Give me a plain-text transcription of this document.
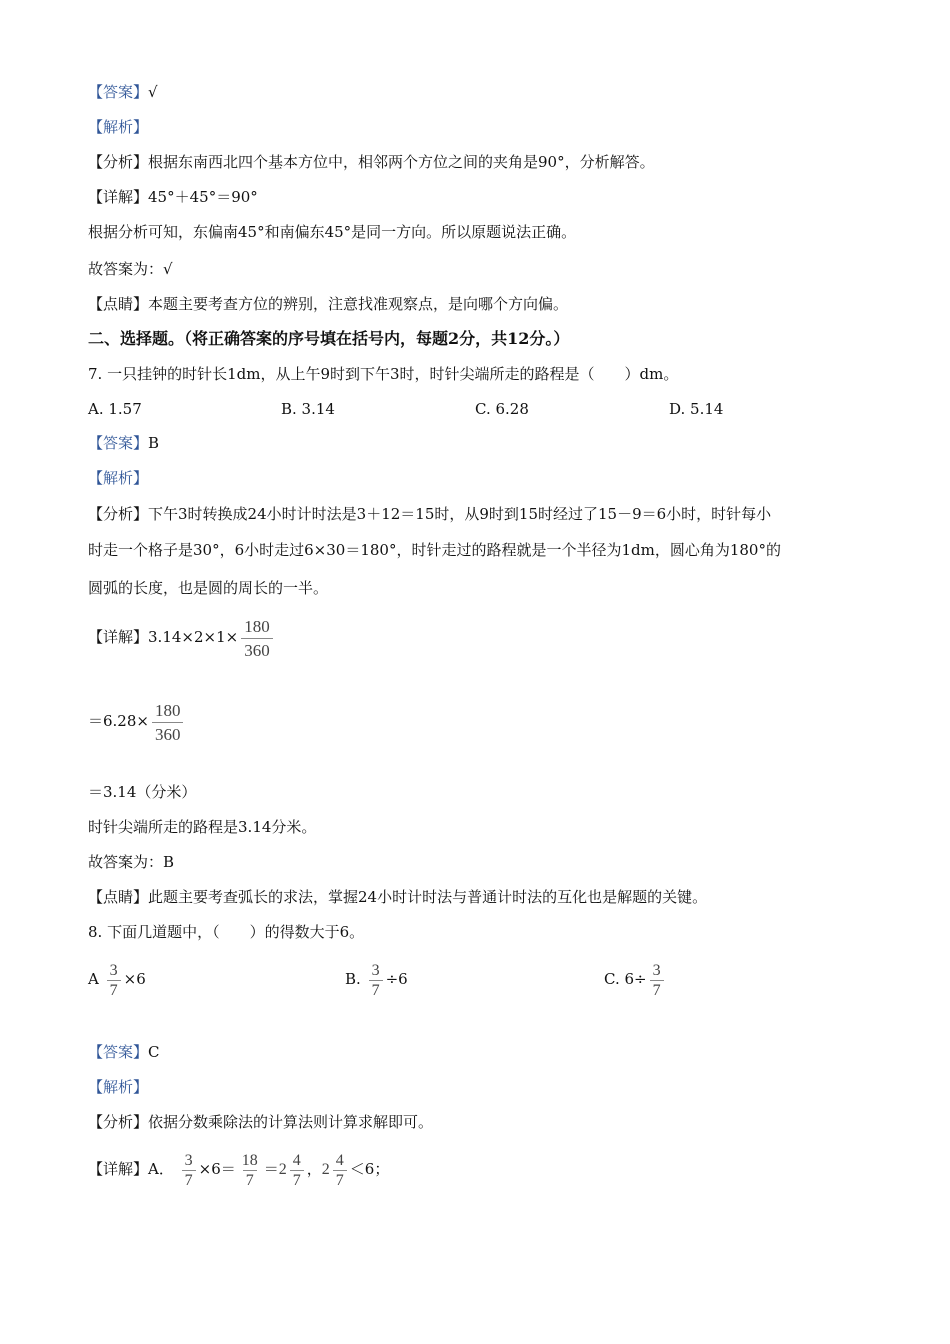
【答案】√
【解析】
【分析】根据东南西北四个基本方位中，相邻两个方位之间的夹角是90°，分析解答。
【详解】45°＋45°＝90°
根据分析可知，东偏南45°和南偏东45°是同一方向。所以原题说法正确。
故答案为：√
【点睛】本题主要考查方位的辨别，注意找准观察点，是向哪个方向偏。
二、选择题。（将正确答案的序号填在括号内，每题2分，共12分。）
7. 一只挂钟的时针长1dm，从上午9时到下午3时，时针尖端所走的路程是（　　）dm。
A. 1.57	B. 3.14	C. 6.28	D. 5.14
【答案】B
【解析】
【分析】下午3时转换成24小时计时法是3＋12＝15时，从9时到15时经过了15－9＝6小时，时针每小
时走一个格子是30°，6小时走过6×30＝180°，时针走过的路程就是一个半径为1dm，圆心角为180°的
圆弧的长度，也是圆的周长的一半。
【详解】$3.14\times 2\times 1\times \frac{180}{360}$
$=6.28\times \frac{180}{360}$
＝3.14（分米）
时针尖端所走的路程是3.14分米。
故答案为：B
【点睛】此题主要考查弧长的求法，掌握24小时计时法与普通计时法的互化也是解题的关键。
8. 下面几道题中，（　　）的得数大于6。
A $\frac{3}{7} \times 6$	B. $\frac{3}{7} \div 6$	C. $6\div \frac{3}{7}$
【答案】C
【解析】
【分析】依据分数乘除法的计算法则计算求解即可。
【详解】A． $\frac{3}{7} \times 6= \frac{18}{7} = 2 \frac{4}{7}$ ， $2 \frac{4}{7} <6$；
